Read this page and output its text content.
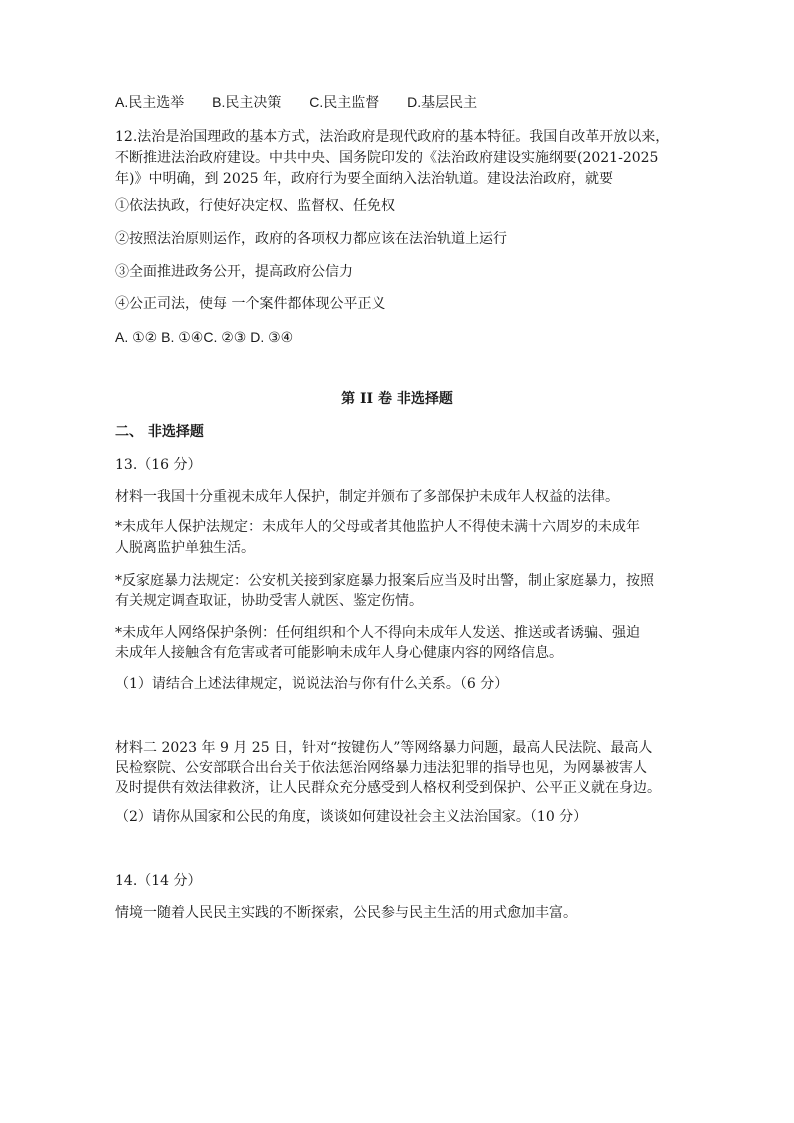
A.民主选举 B.民主决策 C.民主监督 D.基层民主
12.法治是治国理政的基本方式，法治政府是现代政府的基本特征。我国自改革开放以来，
不断推进法治政府建设。中共中央、国务院印发的《法治政府建设实施纲要(2021-2025
年)》中明确，到 2025 年，政府行为要全面纳入法治轨道。建设法治政府，就要
①依法执政，行使好决定权、监督权、任免权
②按照法治原则运作，政府的各项权力都应该在法治轨道上运行
③全面推进政务公开，提高政府公信力
④公正司法，使每 一个案件都体现公平正义
A. ①② B. ①④C. ②③ D. ③④
第 II 卷 非选择题
二、 非选择题
13.（16 分）
材料一我国十分重视未成年人保护，制定并颁布了多部保护未成年人权益的法律。
*未成年人保护法规定：未成年人的父母或者其他监护人不得使未满十六周岁的未成年
人脱离监护单独生活。
*反家庭暴力法规定：公安机关接到家庭暴力报案后应当及时出警，制止家庭暴力，按照
有关规定调查取证，协助受害人就医、鉴定伤情。
*未成年人网络保护条例：任何组织和个人不得向未成年人发送、推送或者诱骗、强迫
未成年人接触含有危害或者可能影响未成年人身心健康内容的网络信息。
（1）请结合上述法律规定，说说法治与你有什么关系。（6 分）
材料二 2023 年 9 月 25 日，针对“按键伤人”等网络暴力问题，最高人民法院、最高人
民检察院、公安部联合出台关于依法惩治网络暴力违法犯罪的指导也见，为网暴被害人
及时提供有效法律救济，让人民群众充分感受到人格权利受到保护、公平正义就在身边。
（2）请你从国家和公民的角度，谈谈如何建设社会主义法治国家。（10 分）
14.（14 分）
情境一随着人民民主实践的不断探索，公民参与民主生活的用式愈加丰富。
